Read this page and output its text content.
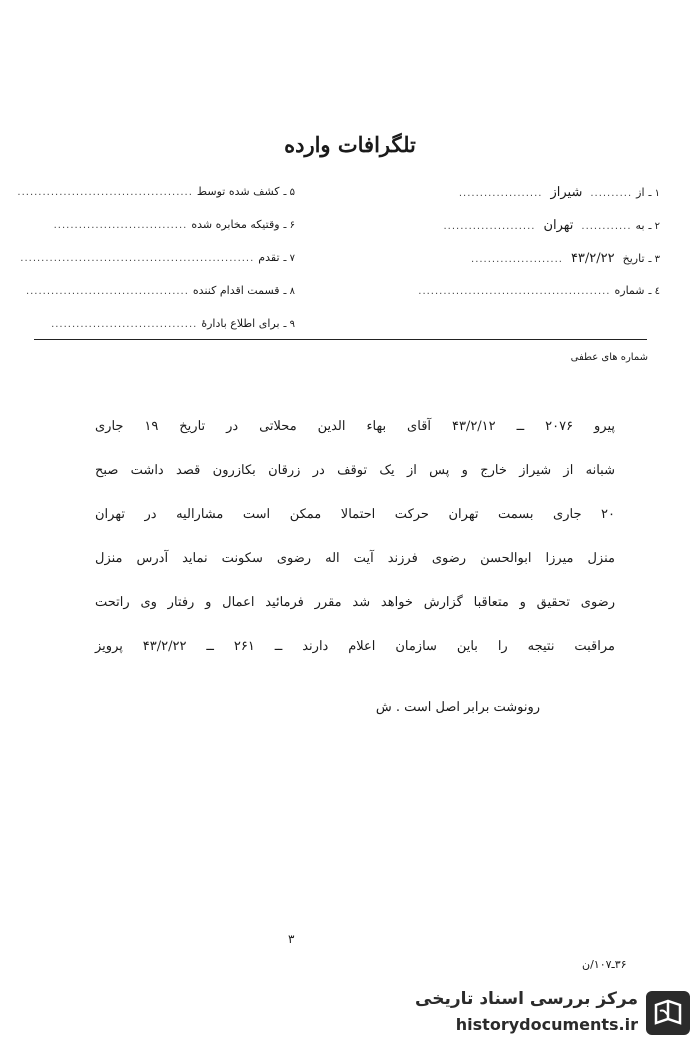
تلگرافات وارده
۱ ـ
از
..........
شیراز
....................
۲ ـ
به
............
تهران
......................
۳ ـ
تاریخ
۴۳/۲/۲۲
......................
٤ ـ
شماره
..............................................
۵ ـ
کشف شده توسط
..........................................
۶ ـ
وقتیکه مخابره شده
................................
۷ ـ
تقدم
........................................................
۸ ـ
قسمت اقدام کننده
.......................................
۹ ـ
برای اطلاع بادارهٔ
...................................
شماره های عطفی
پیرو ۲۰۷۶ ــ ۴۳/۲/۱۲ آقای بهاء الدین محلاتی در تاریخ ۱۹ جاری
شبانه از شیراز خارج و پس از یک توقف در زرقان بکازرون قصد داشت صبح
۲۰ جاری بسمت تهران حرکت احتمالا ممکن است مشارالیه در تهران
منزل میرزا ابوالحسن رضوی فرزند آیت اله رضوی سکونت نماید آدرس منزل
رضوی تحقیق و متعاقبا گزارش خواهد شد مقرر فرمائید اعمال و رفتار وی راتحت
مراقبت نتیجه را باین سازمان اعلام دارند ــ ۲۶۱ ــ ۴۳/۲/۲۲ پرویز
رونوشت برابر اصل است . ش
۳
۳۶ـ۱۰۷/ن
مرکز بررسی اسناد تاریخی
historydocuments.ir
